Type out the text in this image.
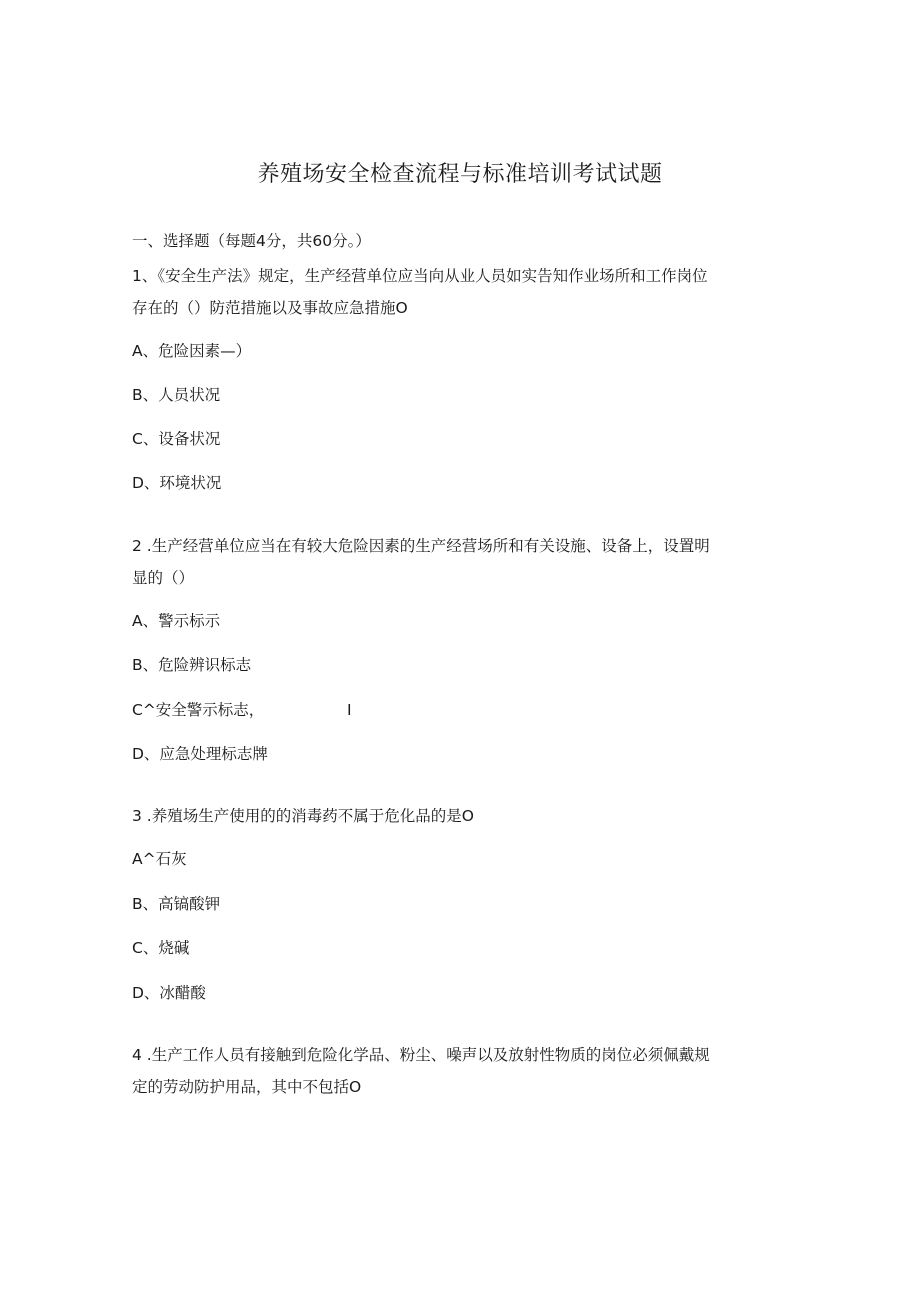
养殖场安全检查流程与标准培训考试试题
一、选择题（每题4分，共60分。）
1、《安全生产法》规定，生产经营单位应当向从业人员如实告知作业场所和工作岗位
存在的（）防范措施以及事故应急措施O
A、危险因素—）
B、人员状况
C、设备状况
D、环境状况
2 .生产经营单位应当在有较大危险因素的生产经营场所和有关设施、设备上，设置明
显的（）
A、警示标示
B、危险辨识标志
C^安全警示标志，	I
D、应急处理标志牌
3 .养殖场生产使用的的消毒药不属于危化品的是O
A^石灰
B、高镐酸钾
C、烧碱
D、冰醋酸
4 .生产工作人员有接触到危险化学品、粉尘、噪声以及放射性物质的岗位必须佩戴规
定的劳动防护用品，其中不包括O
